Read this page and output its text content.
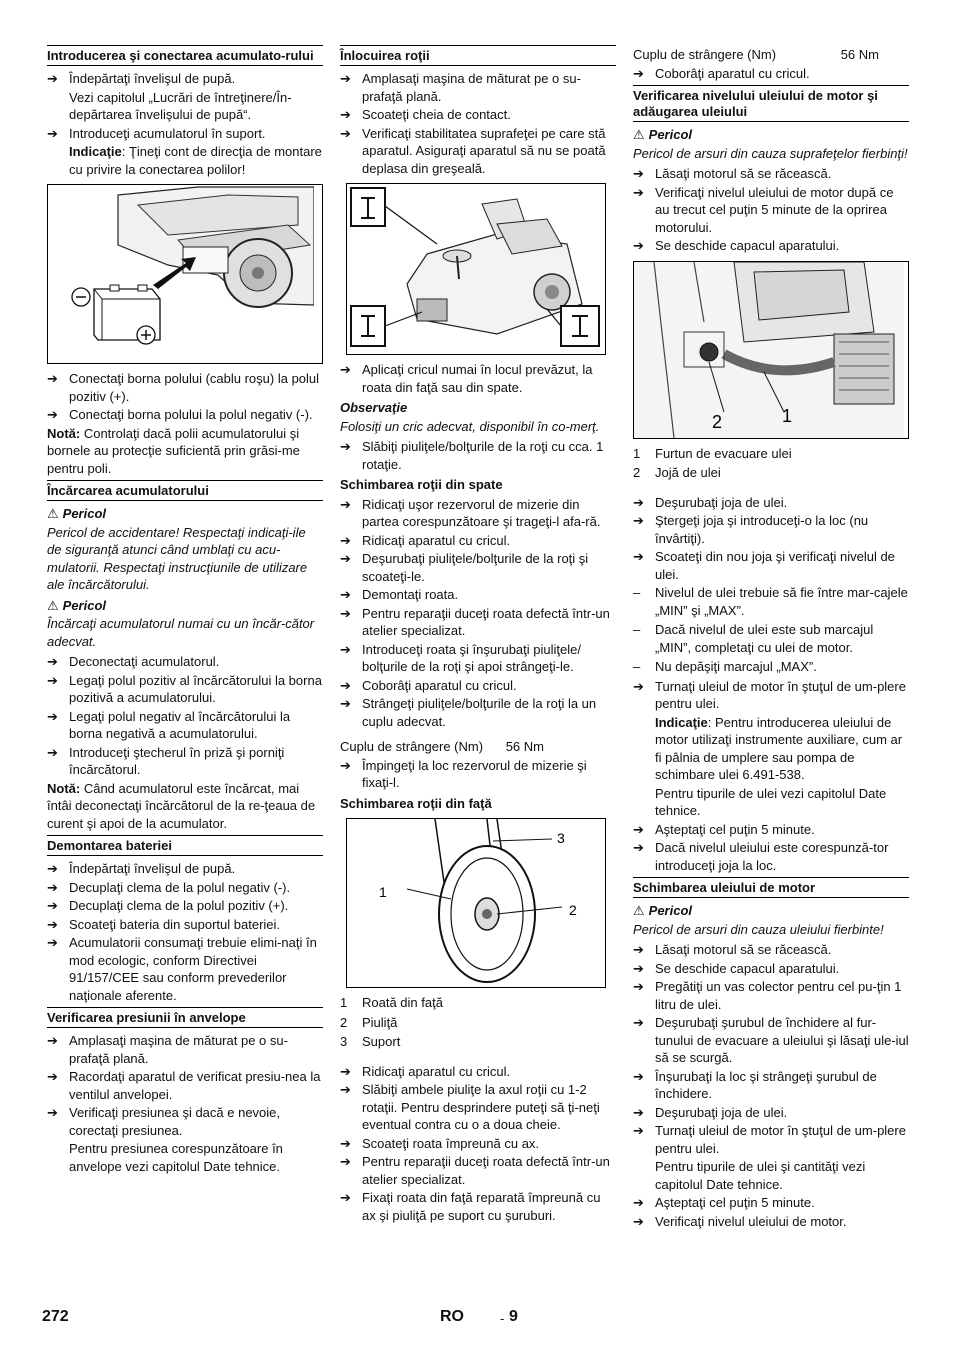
Introducerea şi conectarea acumulato-rului
➔ Îndepărtaţi învelişul de pupă.
Vezi capitolul „Lucrări de întreţinere/În-depărtarea învelişului de pupă“.
➔ Introduceţi acumulatorul în suport.
Indicaţie: Ţineţi cont de direcţia de montare cu privire la conectarea polilor!
➔ Conectaţi borna polului (cablu roşu) la polul pozitiv (+).
➔ Conectaţi borna polului la polul negativ (-).
Notă: Controlaţi dacă polii acumulatorului şi bornele au protecţie suficientă prin grăsi-me pentru poli.
Încărcarea acumulatorului
⚠ Pericol
Pericol de accidentare! Respectaţi indicaţi-ile de siguranţă atunci când umblaţi cu acu-mulatorii. Respectaţi instrucţiunile de utilizare ale încărcătorului.
⚠ Pericol
Încărcaţi acumulatorul numai cu un încăr-cător adecvat.
➔ Deconectaţi acumulatorul.
➔ Legaţi polul pozitiv al încărcătorului la borna pozitivă a acumulatorului.
➔ Legaţi polul negativ al încărcătorului la borna negativă a acumulatorului.
➔ Introduceţi ştecherul în priză şi porniţi încărcătorul.
Notă: Când acumulatorul este încărcat, mai întâi deconectaţi încărcătorul de la re-ţeaua de curent şi apoi de la acumulator.
Demontarea bateriei
➔ Îndepărtaţi învelişul de pupă.
➔ Decuplaţi clema de la polul negativ (-).
➔ Decuplaţi clema de la polul pozitiv (+).
➔ Scoateţi bateria din suportul bateriei.
➔ Acumulatorii consumaţi trebuie elimi-naţi în mod ecologic, conform Directivei 91/157/CEE sau conform prevederilor naţionale aferente.
Verificarea presiunii în anvelope
➔ Amplasaţi maşina de măturat pe o su-prafaţă plană.
➔ Racordaţi aparatul de verificat presiu-nea la ventilul anvelopei.
➔ Verificaţi presiunea şi dacă e nevoie, corectaţi presiunea.
Pentru presiunea corespunzătoare în anvelope vezi capitolul Date tehnice.
Înlocuirea roţii
➔ Amplasaţi maşina de măturat pe o su-prafaţă plană.
➔ Scoateţi cheia de contact.
➔ Verificaţi stabilitatea suprafeţei pe care stă aparatul. Asiguraţi aparatul să nu se poată deplasa din greşeală.
➔ Aplicaţi cricul numai în locul prevăzut, la roata din faţă sau din spate.
Observaţie
Folosiţi un cric adecvat, disponibil în co-merţ.
➔ Slăbiţi piuliţele/bolţurile de la roţi cu cca. 1 rotaţie.
Schimbarea roţii din spate
➔ Ridicaţi uşor rezervorul de mizerie din partea corespunzătoare şi trageţi-l afa-ră.
➔ Ridicaţi aparatul cu cricul.
➔ Deşurubaţi piuliţele/bolţurile de la roţi şi scoateţi-le.
➔ Demontaţi roata.
➔ Pentru reparaţii duceţi roata defectă într-un atelier specializat.
➔ Introduceţi roata şi înşurubaţi piuliţele/ bolţurile de la roţi şi apoi strângeţi-le.
➔ Coborâţi aparatul cu cricul.
➔ Strângeţi piuliţele/bolţurile de la roţi la un cuplu adecvat.
Cuplu de strângere (Nm) 56 Nm
➔ Împingeţi la loc rezervorul de mizerie şi fixaţi-l.
Schimbarea roţii din faţă
1
2
3
1	Roată din faţă
2	Piuliţă
3	Suport
➔ Ridicaţi aparatul cu cricul.
➔ Slăbiţi ambele piuliţe la axul roţii cu 1-2 rotaţii. Pentru desprindere puteţi să ţi-neţi eventual contra cu o a doua cheie.
➔ Scoateţi roata împreună cu ax.
➔ Pentru reparaţii duceţi roata defectă într-un atelier specializat.
➔ Fixaţi roata din faţă reparată împreună cu ax şi piuliţă pe suport cu şuruburi.
Cuplu de strângere (Nm)	56 Nm
➔ Coborâţi aparatul cu cricul.
Verificarea nivelului uleiului de motor şi adăugarea uleiului
⚠ Pericol
Pericol de arsuri din cauza suprafeţelor fierbinţi!
➔ Lăsaţi motorul să se răcească.
➔ Verificaţi nivelul uleiului de motor după ce au trecut cel puţin 5 minute de la oprirea motorului.
➔ Se deschide capacul aparatului.
2	1
1	Furtun de evacuare ulei
2	Jojă de ulei
➔ Deşurubaţi joja de ulei.
➔ Ştergeţi joja şi introduceţi-o la loc (nu învârtiţi).
➔ Scoateţi din nou joja şi verificaţi nivelul de ulei.
– Nivelul de ulei trebuie să fie între mar-cajele „MIN” şi „MAX”.
– Dacă nivelul de ulei este sub marcajul „MIN”, completaţi cu ulei de motor.
– Nu depăşiţi marcajul „MAX”.
➔ Turnaţi uleiul de motor în ştuţul de um-plere pentru ulei.
Indicaţie: Pentru introducerea uleiului de motor utilizaţi instrumente auxiliare, cum ar fi pâlnia de umplere sau pompa de schimbare ulei 6.491-538.
Pentru tipurile de ulei vezi capitolul Date tehnice.
➔ Aşteptaţi cel puţin 5 minute.
➔ Dacă nivelul uleiului este corespunză-tor introduceţi joja la loc.
Schimbarea uleiului de motor
⚠ Pericol
Pericol de arsuri din cauza uleiului fierbinte!
➔ Lăsaţi motorul să se răcească.
➔ Se deschide capacul aparatului.
➔ Pregătiţi un vas colector pentru cel pu-ţin 1 litru de ulei.
➔ Deşurubaţi şurubul de închidere al fur-tunului de evacuare a uleiului şi lăsaţi ule-iul să se scurgă.
➔ Înşurubaţi la loc şi strângeţi şurubul de închidere.
➔ Deşurubaţi joja de ulei.
➔ Turnaţi uleiul de motor în ştuţul de um-plere pentru ulei.
Pentru tipurile de ulei şi cantităţi vezi capitolul Date tehnice.
➔ Aşteptaţi cel puţin 5 minute.
➔ Verificaţi nivelul uleiului de motor.
272	RO	- 9
